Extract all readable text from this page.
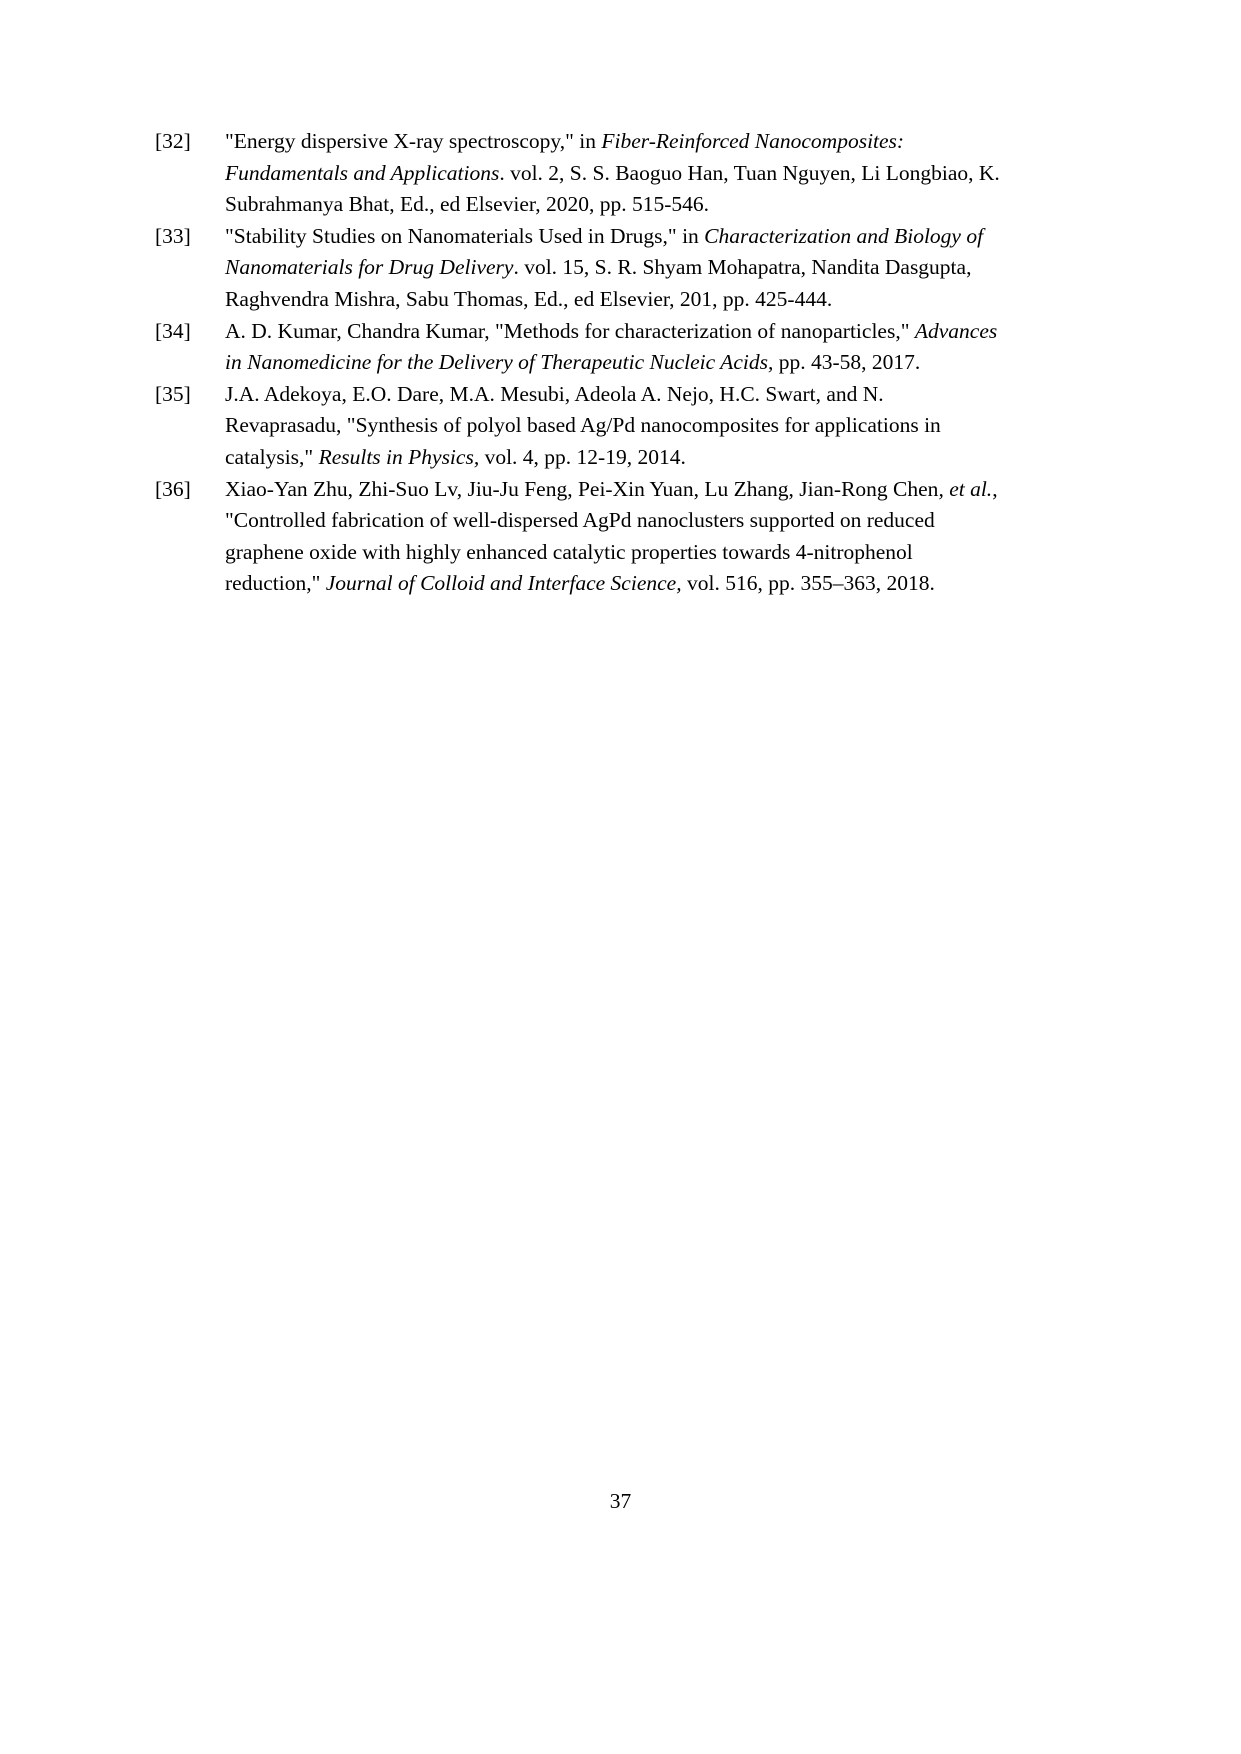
[32]	"Energy dispersive X-ray spectroscopy," in Fiber-Reinforced Nanocomposites: Fundamentals and Applications. vol. 2, S. S. Baoguo Han, Tuan Nguyen, Li Longbiao, K. Subrahmanya Bhat, Ed., ed Elsevier, 2020, pp. 515-546.
[33]	"Stability Studies on Nanomaterials Used in Drugs," in Characterization and Biology of Nanomaterials for Drug Delivery. vol. 15, S. R. Shyam Mohapatra, Nandita Dasgupta, Raghvendra Mishra, Sabu Thomas, Ed., ed Elsevier, 201, pp. 425-444.
[34]	A. D. Kumar, Chandra Kumar, "Methods for characterization of nanoparticles," Advances in Nanomedicine for the Delivery of Therapeutic Nucleic Acids, pp. 43-58, 2017.
[35]	J.A. Adekoya, E.O. Dare, M.A. Mesubi, Adeola A. Nejo, H.C. Swart, and N. Revaprasadu, "Synthesis of polyol based Ag/Pd nanocomposites for applications in catalysis," Results in Physics, vol. 4, pp. 12-19, 2014.
[36]	Xiao-Yan Zhu, Zhi-Suo Lv, Jiu-Ju Feng, Pei-Xin Yuan, Lu Zhang, Jian-Rong Chen, et al., "Controlled fabrication of well-dispersed AgPd nanoclusters supported on reduced graphene oxide with highly enhanced catalytic properties towards 4-nitrophenol reduction," Journal of Colloid and Interface Science, vol. 516, pp. 355–363, 2018.
37
